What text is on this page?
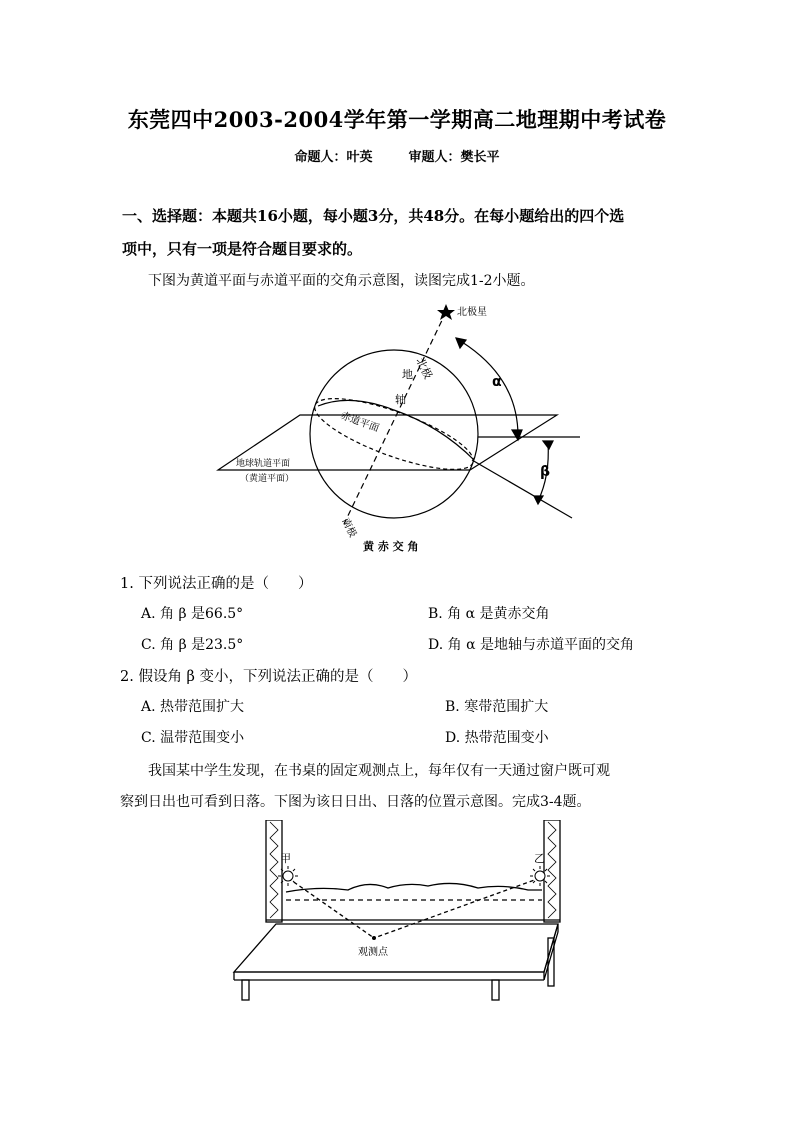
东莞四中2003-2004学年第一学期高二地理期中考试卷
命题人：叶英	审题人：樊长平
一、选择题：本题共16小题，每小题3分，共48分。在每小题给出的四个选
项中，只有一项是符合题目要求的。
下图为黄道平面与赤道平面的交角示意图，读图完成1-2小题。
北极星
北极
地
轴
赤道平面
地球轨道平面
（黄道平面）
南极
α
β
黄 赤 交 角
1. 下列说法正确的是（　　）
A. 角 β 是66.5°	B. 角 α 是黄赤交角
C. 角 β 是23.5°	D. 角 α 是地轴与赤道平面的交角
2. 假设角 β 变小，下列说法正确的是（　　）
A. 热带范围扩大	B. 寒带范围扩大
C. 温带范围变小	D. 热带范围变小
我国某中学生发现，在书桌的固定观测点上，每年仅有一天通过窗户既可观
察到日出也可看到日落。下图为该日日出、日落的位置示意图。完成3-4题。
甲	乙
观测点
